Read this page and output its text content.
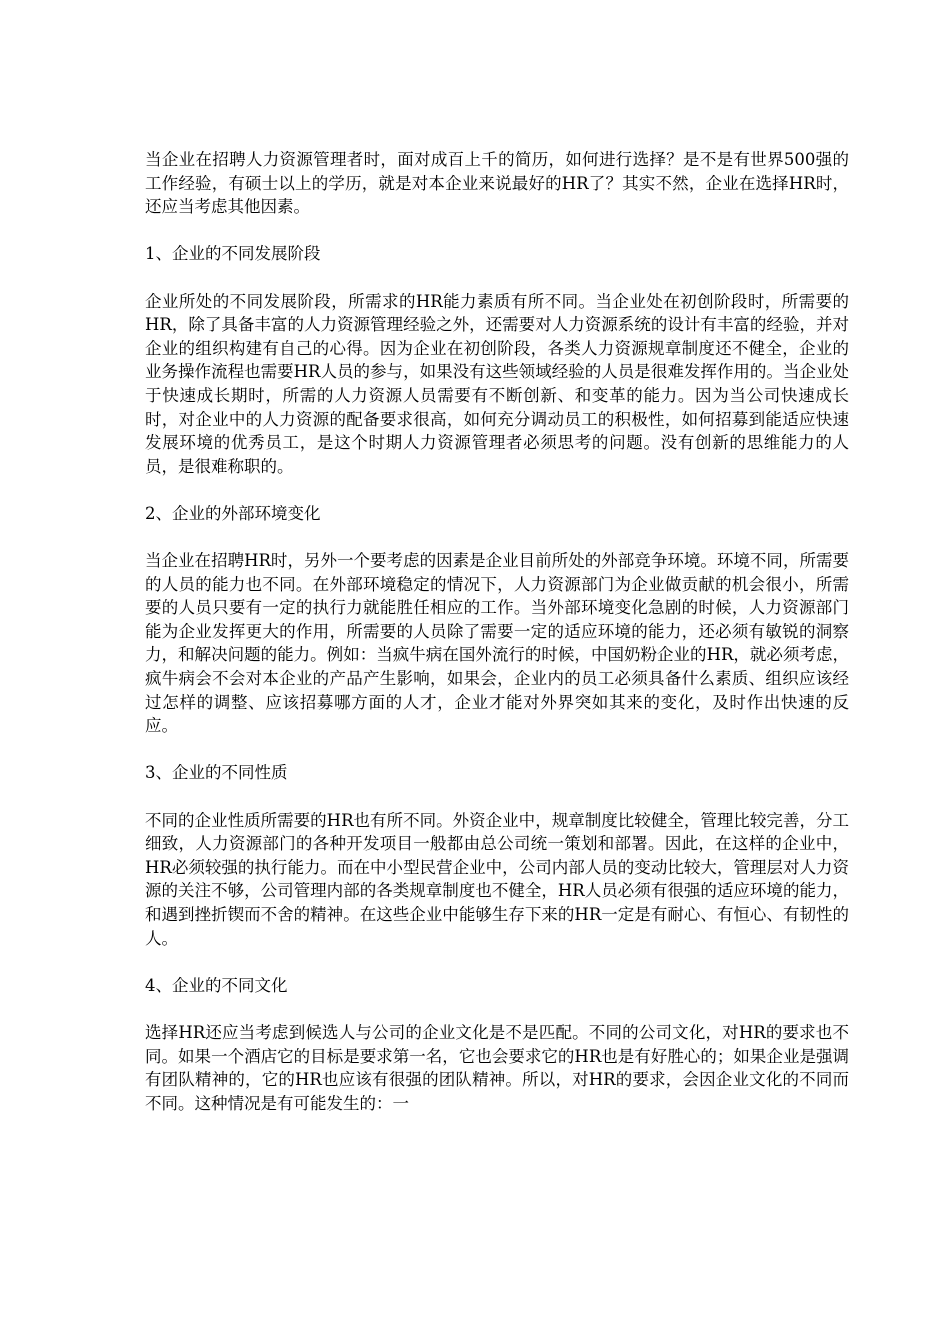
当企业在招聘人力资源管理者时，面对成百上千的简历，如何进行选择？是不是有世界500强的工作经验，有硕士以上的学历，就是对本企业来说最好的HR了？其实不然，企业在选择HR时，还应当考虑其他因素。

1、企业的不同发展阶段

企业所处的不同发展阶段，所需求的HR能力素质有所不同。当企业处在初创阶段时，所需要的HR，除了具备丰富的人力资源管理经验之外，还需要对人力资源系统的设计有丰富的经验，并对企业的组织构建有自己的心得。因为企业在初创阶段，各类人力资源规章制度还不健全，企业的业务操作流程也需要HR人员的参与，如果没有这些领域经验的人员是很难发挥作用的。当企业处于快速成长期时，所需的人力资源人员需要有不断创新、和变革的能力。因为当公司快速成长时，对企业中的人力资源的配备要求很高，如何充分调动员工的积极性，如何招募到能适应快速发展环境的优秀员工，是这个时期人力资源管理者必须思考的问题。没有创新的思维能力的人员，是很难称职的。

2、企业的外部环境变化

当企业在招聘HR时，另外一个要考虑的因素是企业目前所处的外部竞争环境。环境不同，所需要的人员的能力也不同。在外部环境稳定的情况下，人力资源部门为企业做贡献的机会很小，所需要的人员只要有一定的执行力就能胜任相应的工作。当外部环境变化急剧的时候，人力资源部门能为企业发挥更大的作用，所需要的人员除了需要一定的适应环境的能力，还必须有敏锐的洞察力，和解决问题的能力。例如：当疯牛病在国外流行的时候，中国奶粉企业的HR，就必须考虑，疯牛病会不会对本企业的产品产生影响，如果会，企业内的员工必须具备什么素质、组织应该经过怎样的调整、应该招募哪方面的人才，企业才能对外界突如其来的变化，及时作出快速的反应。

3、企业的不同性质

不同的企业性质所需要的HR也有所不同。外资企业中，规章制度比较健全，管理比较完善，分工细致，人力资源部门的各种开发项目一般都由总公司统一策划和部署。因此，在这样的企业中，HR必须较强的执行能力。而在中小型民营企业中，公司内部人员的变动比较大，管理层对人力资源的关注不够，公司管理内部的各类规章制度也不健全，HR人员必须有很强的适应环境的能力，和遇到挫折锲而不舍的精神。在这些企业中能够生存下来的HR一定是有耐心、有恒心、有韧性的人。

4、企业的不同文化

选择HR还应当考虑到候选人与公司的企业文化是不是匹配。不同的公司文化，对HR的要求也不同。如果一个酒店它的目标是要求第一名，它也会要求它的HR也是有好胜心的；如果企业是强调有团队精神的，它的HR也应该有很强的团队精神。所以，对HR的要求，会因企业文化的不同而不同。这种情况是有可能发生的：一
